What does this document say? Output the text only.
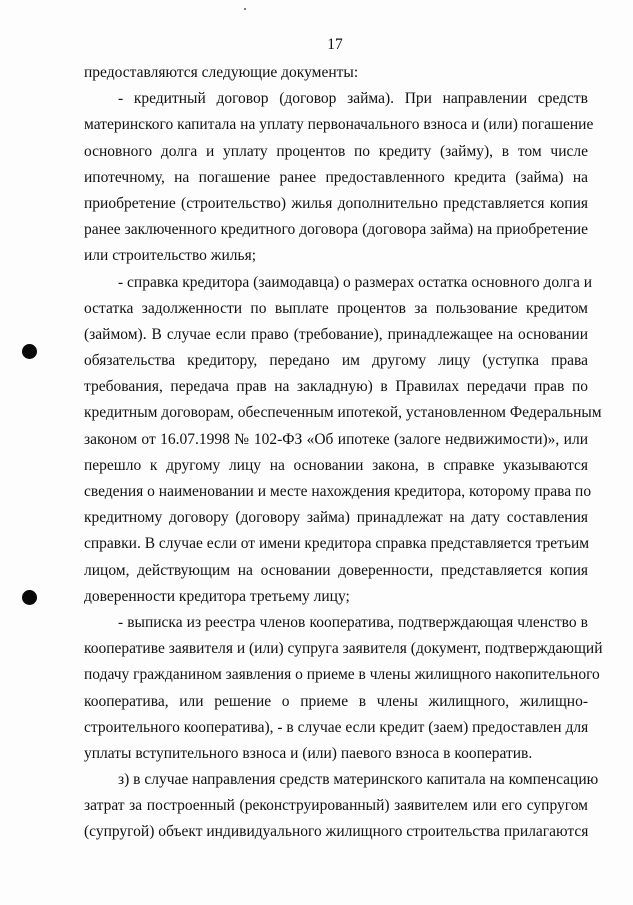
17
предоставляются следующие документы:
- кредитный договор (договор займа). При направлении средств
материнского капитала на уплату первоначального взноса и (или) погашение
основного долга и уплату процентов по кредиту (займу), в том числе
ипотечному, на погашение ранее предоставленного кредита (займа) на
приобретение (строительство) жилья дополнительно представляется копия
ранее заключенного кредитного договора (договора займа) на приобретение
или строительство жилья;
- справка кредитора (заимодавца) о размерах остатка основного долга и
остатка задолженности по выплате процентов за пользование кредитом
(займом). В случае если право (требование), принадлежащее на основании
обязательства кредитору, передано им другому лицу (уступка права
требования, передача прав на закладную) в Правилах передачи прав по
кредитным договорам, обеспеченным ипотекой, установленном Федеральным
законом от 16.07.1998 № 102-ФЗ «Об ипотеке (залоге недвижимости)», или
перешло к другому лицу на основании закона, в справке указываются
сведения о наименовании и месте нахождения кредитора, которому права по
кредитному договору (договору займа) принадлежат на дату составления
справки. В случае если от имени кредитора справка представляется третьим
лицом, действующим на основании доверенности, представляется копия
доверенности кредитора третьему лицу;
- выписка из реестра членов кооператива, подтверждающая членство в
кооперативе заявителя и (или) супруга заявителя (документ, подтверждающий
подачу гражданином заявления о приеме в члены жилищного накопительного
кооператива, или решение о приеме в члены жилищного, жилищно-
строительного кооператива), - в случае если кредит (заем) предоставлен для
уплаты вступительного взноса и (или) паевого взноса в кооператив.
з) в случае направления средств материнского капитала на компенсацию
затрат за построенный (реконструированный) заявителем или его супругом
(супругой) объект индивидуального жилищного строительства прилагаются
